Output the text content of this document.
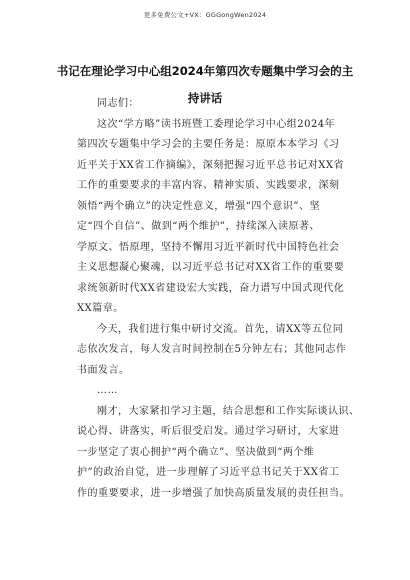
更多免费公文+VX：GGGongWen2024
书记在理论学习中心组2024年第四次专题集中学习会的主
持讲话
同志们：
这次“学方略”读书班暨工委理论学习中心组2024年
第四次专题集中学习会的主要任务是：原原本本学习《习
近平关于XX省工作摘编》，深刻把握习近平总书记对XX省
工作的重要要求的丰富内容、精神实质、实践要求，深刻
领悟“两个确立”的决定性意义，增强“四个意识”、坚
定“四个自信”、做到“两个维护”，持续深入读原著、
学原文、悟原理，坚持不懈用习近平新时代中国特色社会
主义思想凝心聚魂，以习近平总书记对XX省工作的重要要
求统领新时代XX省建设宏大实践，奋力谱写中国式现代化
XX篇章。
今天，我们进行集中研讨交流。首先，请XX等五位同
志依次发言，每人发言时间控制在5分钟左右；其他同志作
书面发言。
……
刚才，大家紧扣学习主题，结合思想和工作实际谈认识、
说心得、讲落实，听后很受启发。通过学习研讨，大家进
一步坚定了衷心拥护“两个确立”、坚决做到“两个维
护”的政治自觉，进一步理解了习近平总书记关于XX省工
作的重要要求，进一步增强了加快高质量发展的责任担当。
